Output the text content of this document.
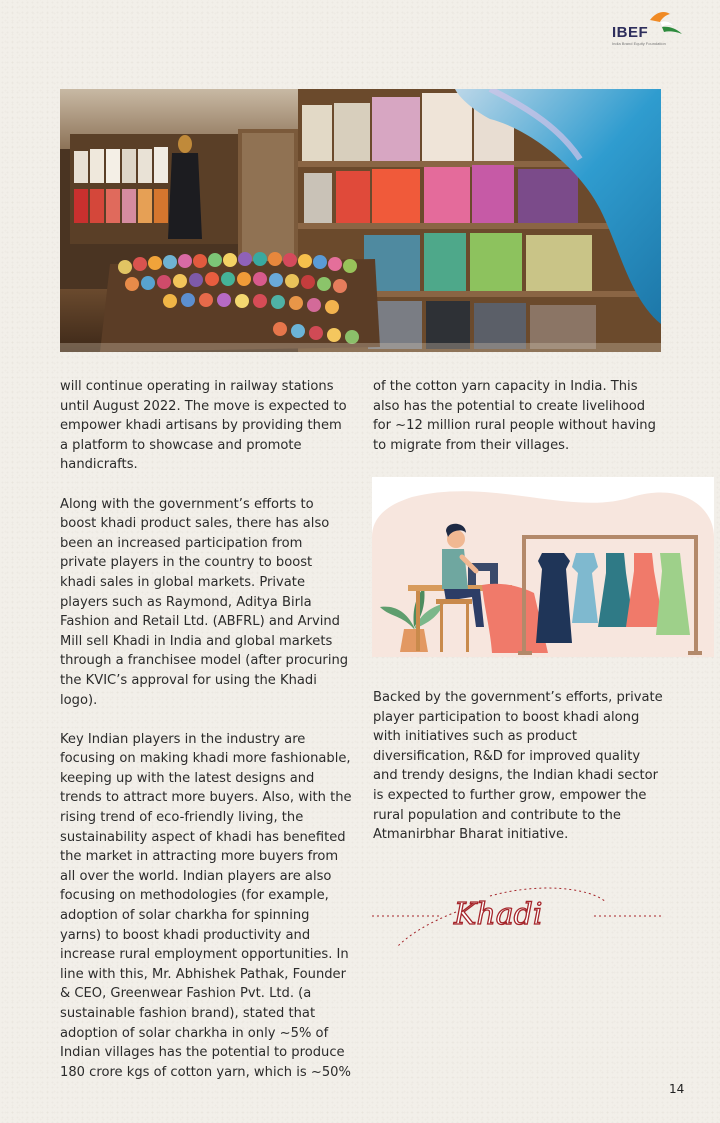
IBEF
India Brand Equity Foundation

will continue operating in railway stations until August 2022. The move is expected to empower khadi artisans by providing them a platform to showcase and promote handicrafts.

Along with the government’s efforts to boost khadi product sales, there has also been an increased participation from private players in the country to boost khadi sales in global markets. Private players such as Raymond, Aditya Birla Fashion and Retail Ltd. (ABFRL) and Arvind Mill sell Khadi in India and global markets through a franchisee model (after procuring the KVIC’s approval for using the Khadi logo).

Key Indian players in the industry are focusing on making khadi more fashionable, keeping up with the latest designs and trends to attract more buyers. Also, with the rising trend of eco-friendly living, the sustainability aspect of khadi has benefited the market in attracting more buyers from all over the world. Indian players are also focusing on methodologies (for example, adoption of solar charkha for spinning yarns) to boost khadi productivity and increase rural employment opportunities. In line with this, Mr. Abhishek Pathak, Founder & CEO, Greenwear Fashion Pvt. Ltd. (a sustainable fashion brand), stated that adoption of solar charkha in only ~5% of Indian villages has the potential to produce 180 crore kgs of cotton yarn, which is ~50%

of the cotton yarn capacity in India. This also has the potential to create livelihood for ~12 million rural people without having to migrate from their villages.

Backed by the government’s efforts, private player participation to boost khadi along with initiatives such as product diversification, R&D for improved quality and trendy designs, the Indian khadi sector is expected to further grow, empower the rural population and contribute to the Atmanirbhar Bharat initiative.

Khadi
14
